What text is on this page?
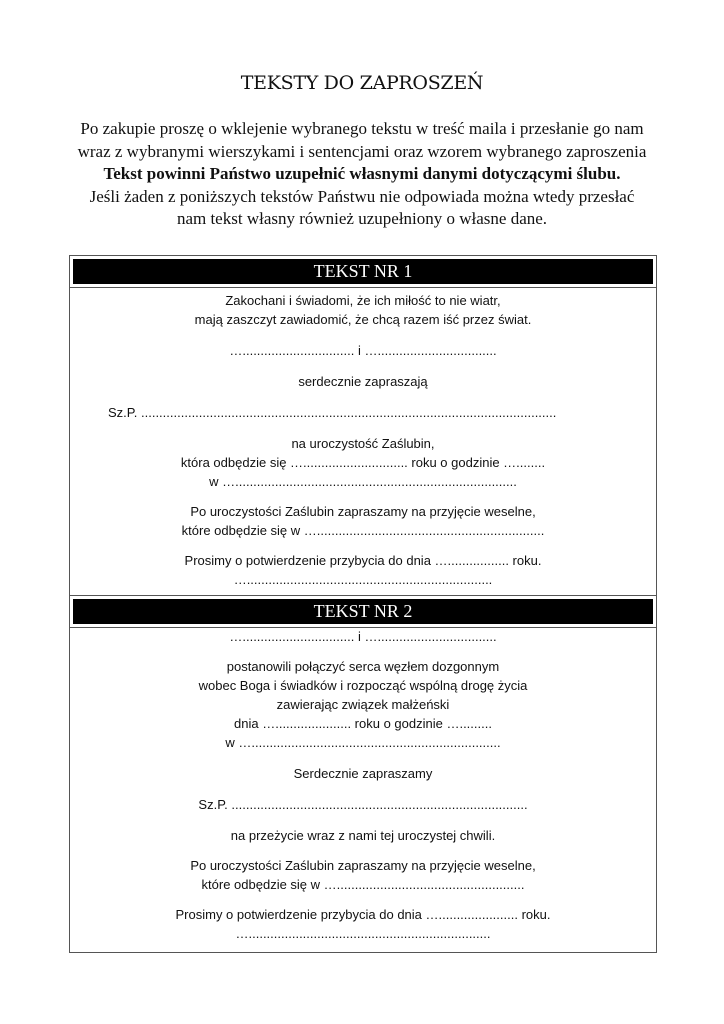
TEKSTY DO ZAPROSZEŃ
Po zakupie proszę o wklejenie wybranego tekstu w treść maila i przesłanie go nam wraz z wybranymi wierszykami i sentencjami oraz wzorem wybranego zaproszenia Tekst powinni Państwo uzupełnić własnymi danymi dotyczącymi ślubu.
Jeśli żaden z poniższych tekstów Państwu nie odpowiada można wtedy przesłać nam tekst własny również uzupełniony o własne dane.
TEKST NR 1

Zakochani i świadomi, że ich miłość to nie wiatr,

mają zaszczyt zawiadomić, że chcą razem iść przez świat.

…............................... i ….................................

serdecznie zapraszają

Sz.P. ...................................................................................................................

na uroczystość Zaślubin,

która odbędzie się …............................. roku o godzinie …........

w …..............................................................................

Po uroczystości Zaślubin zapraszamy na przyjęcie weselne,

które odbędzie się w …...............................................................

Prosimy o potwierdzenie przybycia do dnia …................. roku.

…....................................................................

TEKST NR 2

…............................... i ….................................

postanowili połączyć serca węzłem dozgonnym

wobec Boga i świadków i rozpocząć wspólną drogę życia

zawierając związek małżeński

dnia …..................... roku o godzinie ….........

w ….....................................................................

Serdecznie zapraszamy

Sz.P. ..................................................................................

na przeżycie wraz z nami tej uroczystej chwili.

Po uroczystości Zaślubin zapraszamy na przyjęcie weselne,

które odbędzie się w …....................................................

Prosimy o potwierdzenie przybycia do dnia …...................... roku.

…...................................................................
